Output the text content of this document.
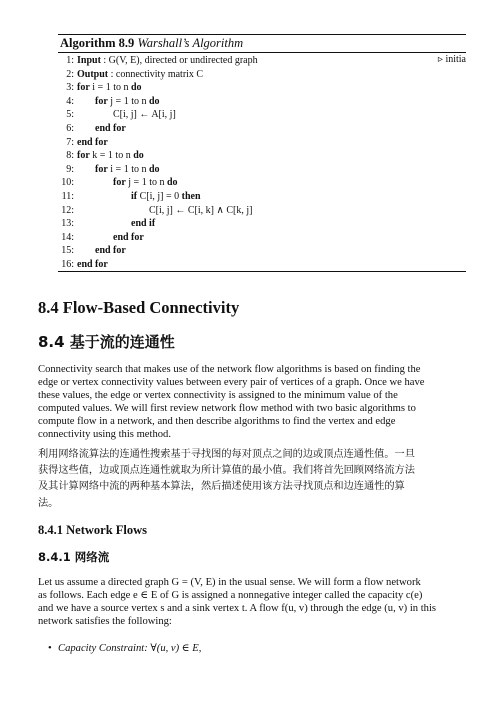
Algorithm 8.9 Warshall’s Algorithm
▹ initia
1: Input : G(V, E), directed or undirected graph
2: Output : connectivity matrix C
3: for i = 1 to n do
4: for j = 1 to n do
5:	C[i, j] ← A[i, j]
6: end for
7: end for
8: for k = 1 to n do
9: for i = 1 to n do
10:	for j = 1 to n do
11:	if C[i, j] = 0 then
12:	C[i, j] ← C[i, k] ∧ C[k, j]
13:	end if
14:	end for
15: end for
16: end for
8.4 Flow-Based Connectivity
8.4 基于流的连通性
Connectivity search that makes use of the network flow algorithms is based on finding the
edge or vertex connectivity values between every pair of vertices of a graph. Once we have
these values, the edge or vertex connectivity is assigned to the minimum value of the
computed values. We will first review network flow method with two basic algorithms to
compute flow in a network, and then describe algorithms to find the vertex and edge
connectivity using this method.
利用网络流算法的连通性搜索基于寻找图的每对顶点之间的边或顶点连通性值。一旦
获得这些值，边或顶点连通性就取为所计算值的最小值。我们将首先回顾网络流方法
及其计算网络中流的两种基本算法，然后描述使用该方法寻找顶点和边连通性的算
法。
8.4.1 Network Flows
8.4.1 网络流
Let us assume a directed graph G = (V, E) in the usual sense. We will form a flow network
as follows. Each edge e ∈ E of G is assigned a nonnegative integer called the capacity c(e)
and we have a source vertex s and a sink vertex t. A flow f(u, v) through the edge (u, v) in this
network satisfies the following:
• Capacity Constraint: ∀(u, v) ∈ E,
